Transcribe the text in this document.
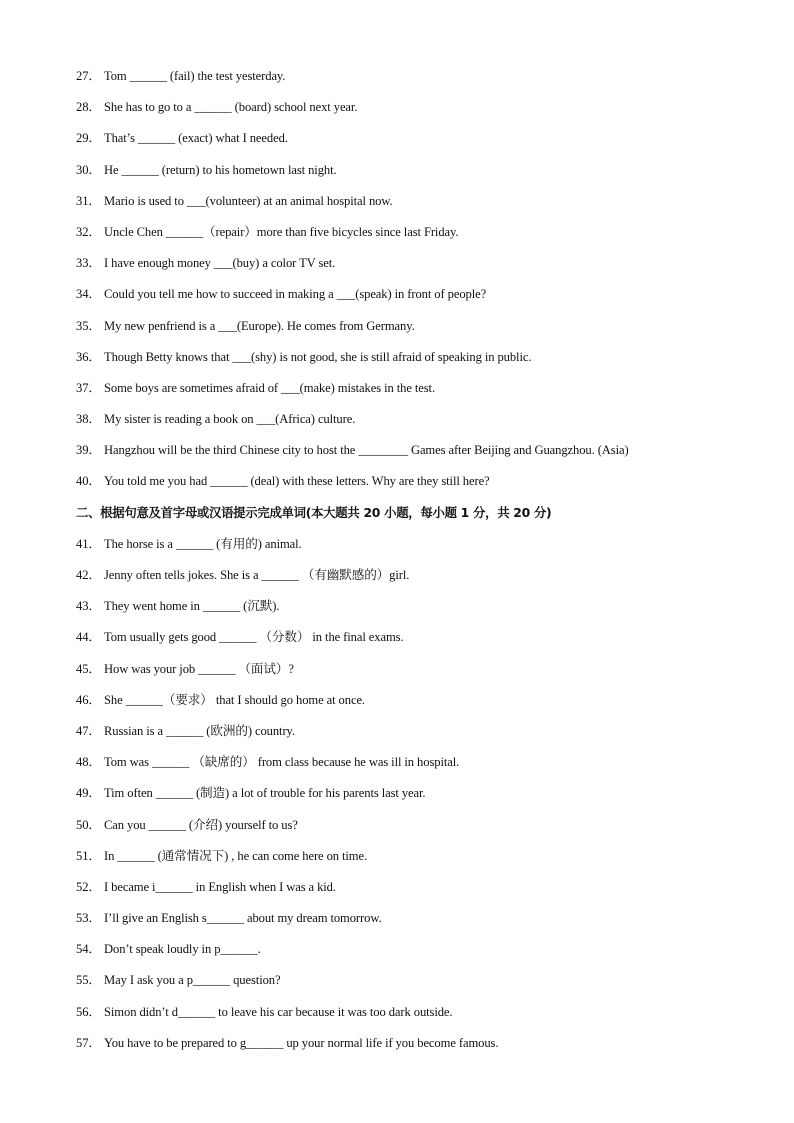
27． Tom ______ (fail) the test yesterday.
28． She has to go to a ______ (board) school next year.
29． That’s ______ (exact) what I needed.
30． He ______ (return) to his hometown last night.
31． Mario is used to ___(volunteer) at an animal hospital now.
32． Uncle Chen ______（repair）more than five bicycles since last Friday.
33． I have enough money ___(buy) a color TV set.
34． Could you tell me how to succeed in making a ___(speak) in front of people?
35． My new penfriend is a ___(Europe). He comes from Germany.
36． Though Betty knows that ___(shy) is not good, she is still afraid of speaking in public.
37． Some boys are sometimes afraid of ___(make) mistakes in the test.
38． My sister is reading a book on ___(Africa) culture.
39． Hangzhou will be the third Chinese city to host the ________ Games after Beijing and Guangzhou. (Asia)
40． You told me you had ______ (deal) with these letters. Why are they still here?
二、根据句意及首字母或汉语提示完成单词(本大题共 20 小题，每小题 1 分，共 20 分)
41． The horse is a ______ (有用的) animal.
42． Jenny often tells jokes. She is a ______ （有幽默感的）girl.
43． They went home in ______ (沉默).
44． Tom usually gets good ______ （分数） in the final exams.
45． How was your job ______ （面试）?
46． She ______（要求） that I should go home at once.
47． Russian is a ______ (欧洲的) country.
48． Tom was ______ （缺席的） from class because he was ill in hospital.
49． Tim often ______ (制造) a lot of trouble for his parents last year.
50． Can you ______ (介绍) yourself to us?
51． In ______ (通常情况下) , he can come here on time.
52． I became i______ in English when I was a kid.
53． I’ll give an English s______ about my dream tomorrow.
54． Don’t speak loudly in p______.
55． May I ask you a p______ question?
56． Simon didn’t d______ to leave his car because it was too dark outside.
57． You have to be prepared to g______ up your normal life if you become famous.
